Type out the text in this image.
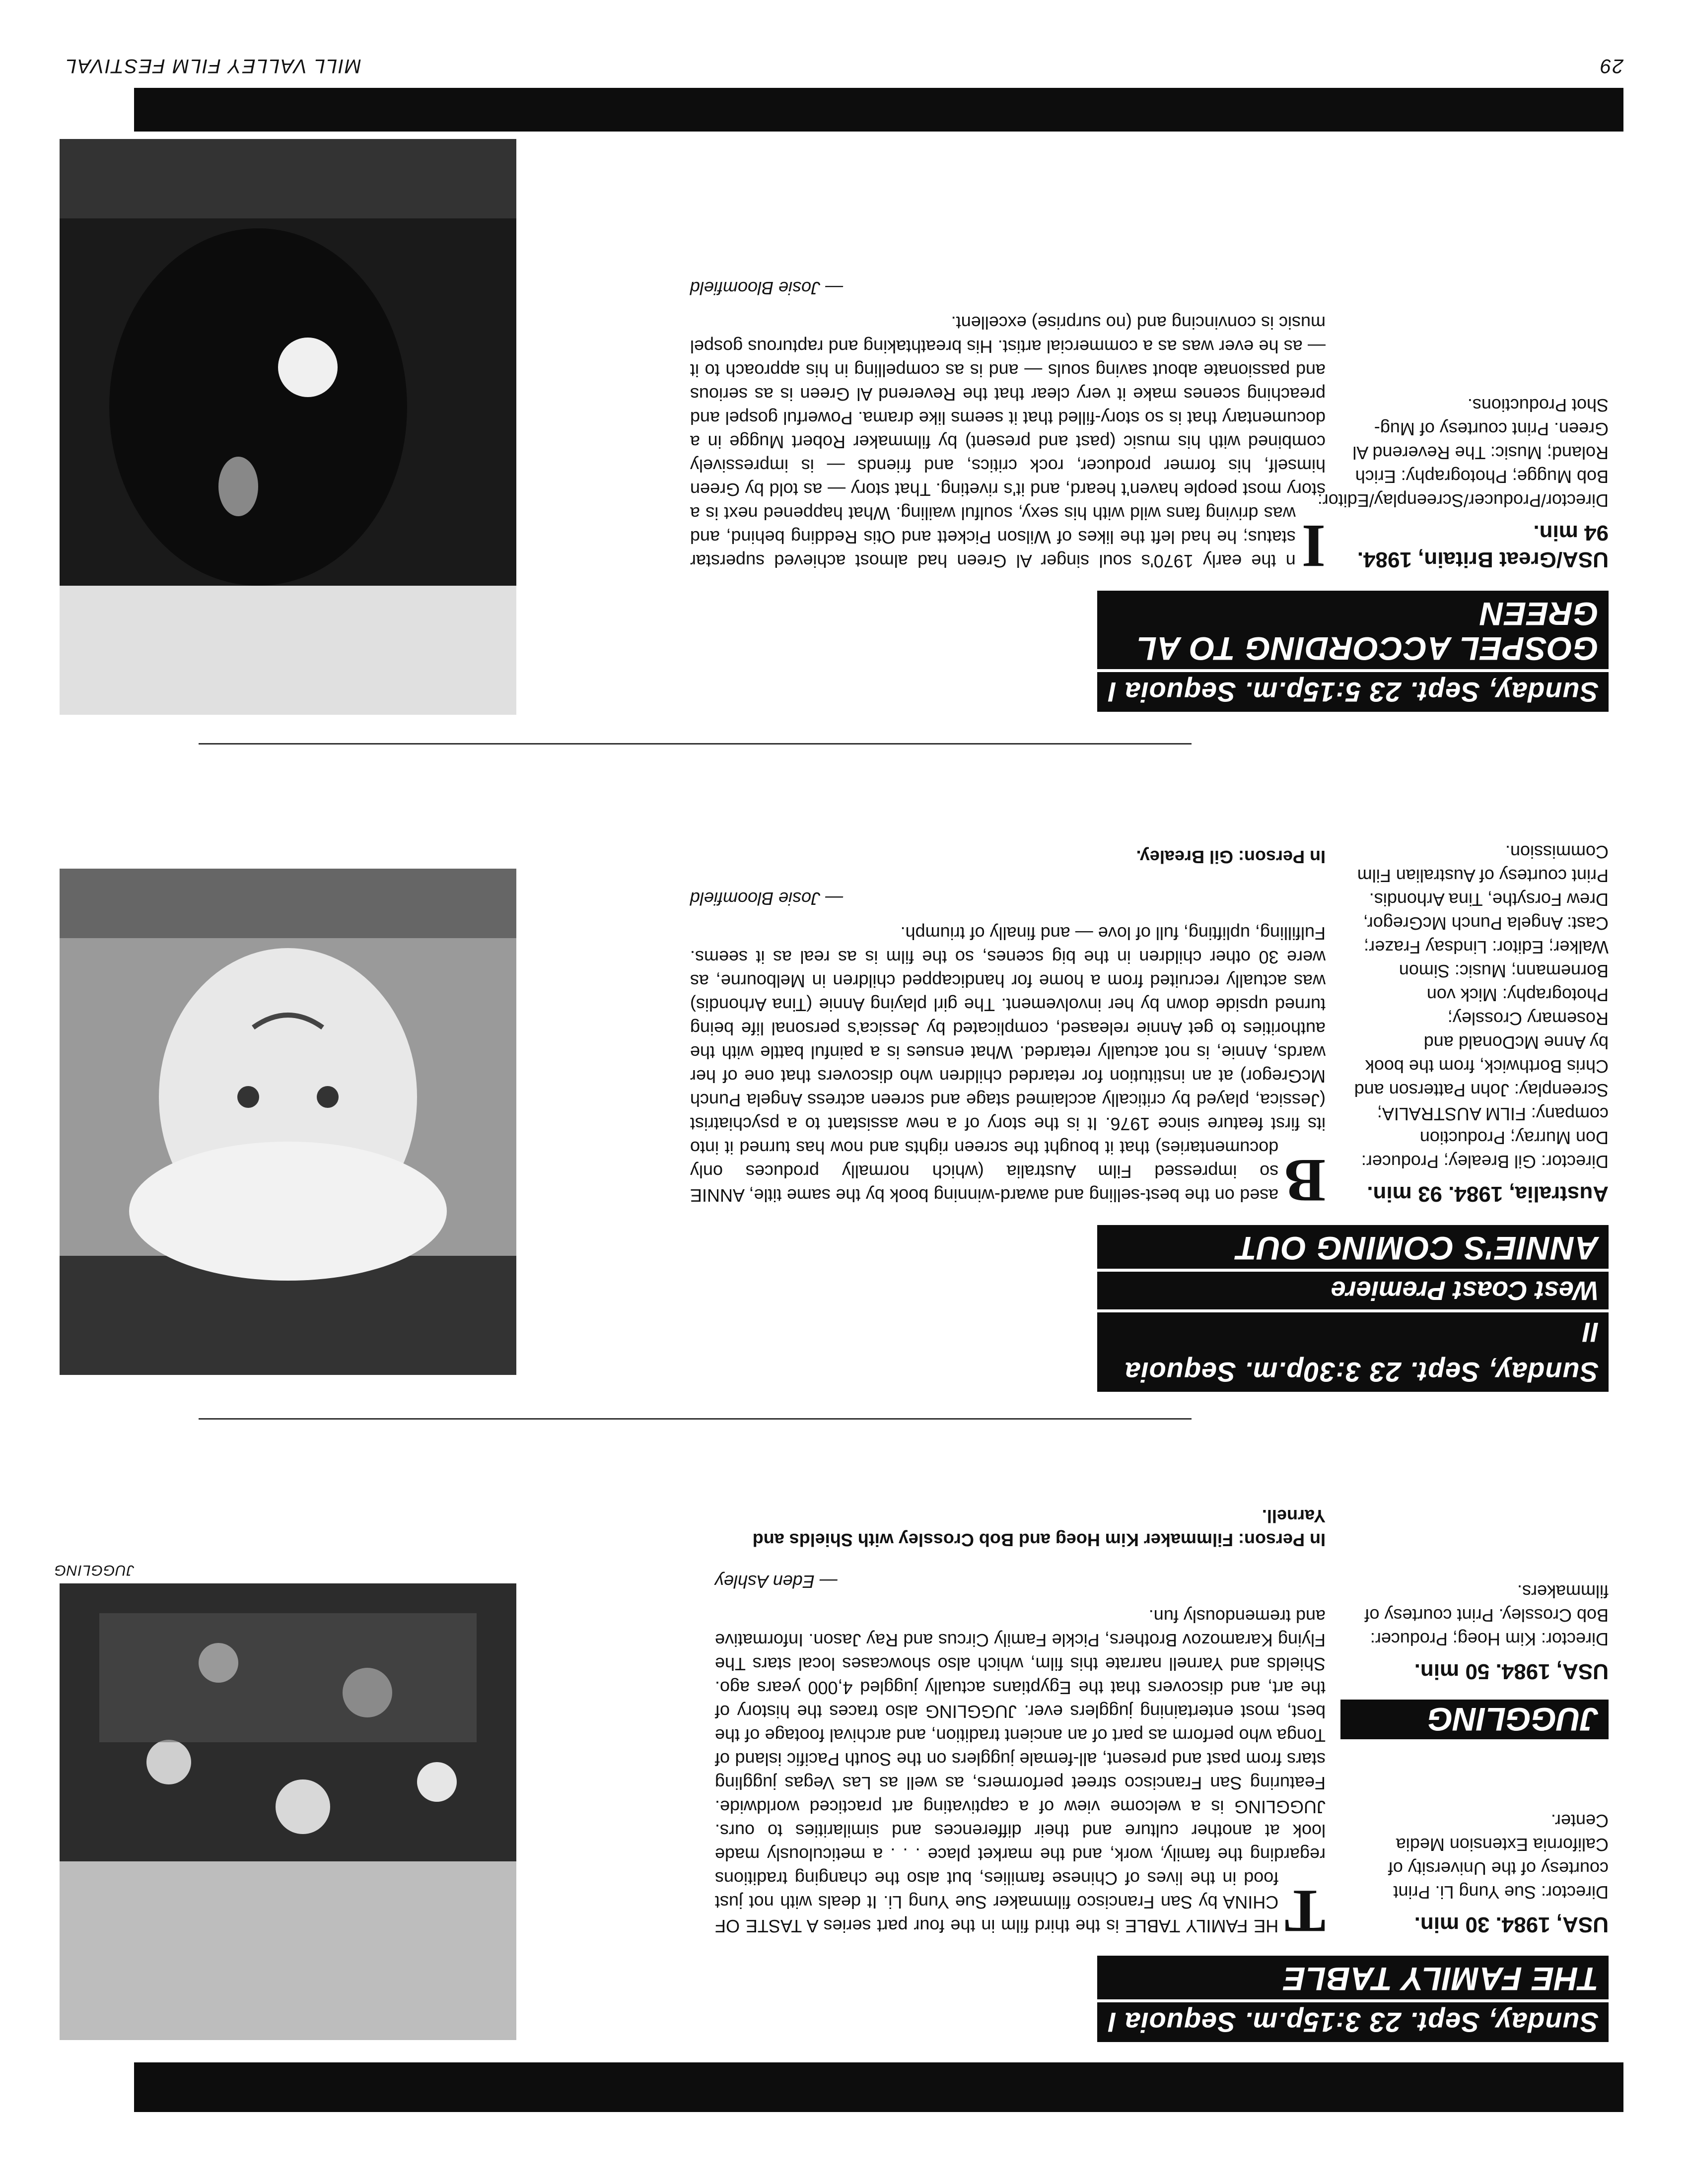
29
MILL VALLEY FILM FESTIVAL
Sunday, Sept. 23 3:15p.m. Sequoia I
THE FAMILY TABLE
USA, 1984. 30 min.
Director: Sue Yung Li. Print courtesy of the University of California Extension Media Center.
JUGGLING
USA, 1984. 50 min.
Director: Kim Hoeg; Producer: Bob Crossley. Print courtesy of filmmakers.
T
HE FAMILY TABLE is the third film in the four part series A TASTE OF CHINA by San Francisco filmmaker Sue Yung Li. It deals with not just food in the lives of Chinese families, but also the changing traditions regarding the family, work, and the market place . . . a meticulously made look at another culture and their differences and similarities to ours. JUGGLING is a welcome view of a captivating art practiced worldwide. Featuring San Francisco street performers, as well as Las Vegas juggling stars from past and present, all-female jugglers on the South Pacific island of Tonga who perform as part of an ancient tradition, and archival footage of the best, most entertaining jugglers ever. JUGGLING also traces the history of the art, and discovers that the Egyptians actually juggled 4,000 years ago. Shields and Yarnell narrate this film, which also showcases local stars The Flying Karamozov Brothers, Pickle Family Circus and Ray Jason. Informative and tremendously fun.
— Eden Ashley
In Person: Filmmaker Kim Hoeg and Bob Crossley with Shields and Yarnell.
JUGGLING
Sunday, Sept. 23 3:30p.m. Sequoia II
West Coast Premiere
ANNIE'S COMING OUT
Australia, 1984. 93 min.
Director: Gil Brealey; Producer: Don Murray; Production company: FILM AUSTRALIA; Screenplay: John Patterson and Chris Borthwick, from the book by Anne McDonald and Rosemary Crossley; Photography: Mick von Bornemann; Music: Simon Walker; Editor: Lindsay Frazer; Cast: Angela Punch McGregor, Drew Forsythe, Tina Arhondis. Print courtesy of Australian Film Commission.
B
ased on the best-selling and award-winning book by the same title, ANNIE so impressed Film Australia (which normally produces only documentaries) that it bought the screen rights and now has turned it into its first feature since 1976. It is the story of a new assistant to a psychiatrist (Jessica, played by critically acclaimed stage and screen actress Angela Punch McGregor) at an institution for retarded children who discovers that one of her wards, Annie, is not actually retarded. What ensues is a painful battle with the authorities to get Annie released, complicated by Jessica's personal life being turned upside down by her involvement. The girl playing Annie (Tina Arhondis) was actually recruited from a home for handicapped children in Melbourne, as were 30 other children in the big scenes, so the film is as real as it seems. Fulfilling, uplifting, full of love — and finally of triumph.
— Josie Bloomfield
In Person: Gil Brealey.
Sunday, Sept. 23 5:15p.m. Sequoia I
GOSPEL ACCORDING TO AL GREEN
USA/Great Britain, 1984. 94 min.
Director/Producer/Screenplay/Editor: Bob Mugge; Photography: Erich Roland; Music: The Reverend Al Green. Print courtesy of Mug-Shot Productions.
I
n the early 1970's soul singer Al Green had almost achieved superstar status; he had left the likes of Wilson Pickett and Otis Redding behind, and was driving fans wild with his sexy, soulful wailing. What happened next is a story most people haven't heard, and it's riveting. That story — as told by Green himself, his former producer, rock critics, and friends — is impressively combined with his music (past and present) by filmmaker Robert Mugge in a documentary that is so story-filled that it seems like drama. Powerful gospel and preaching scenes make it very clear that the Reverend Al Green is as serious and passionate about saving souls — and is as compelling in his approach to it — as he ever was as a commercial artist. His breathtaking and rapturous gospel music is convincing and (no surprise) excellent.
— Josie Bloomfield
